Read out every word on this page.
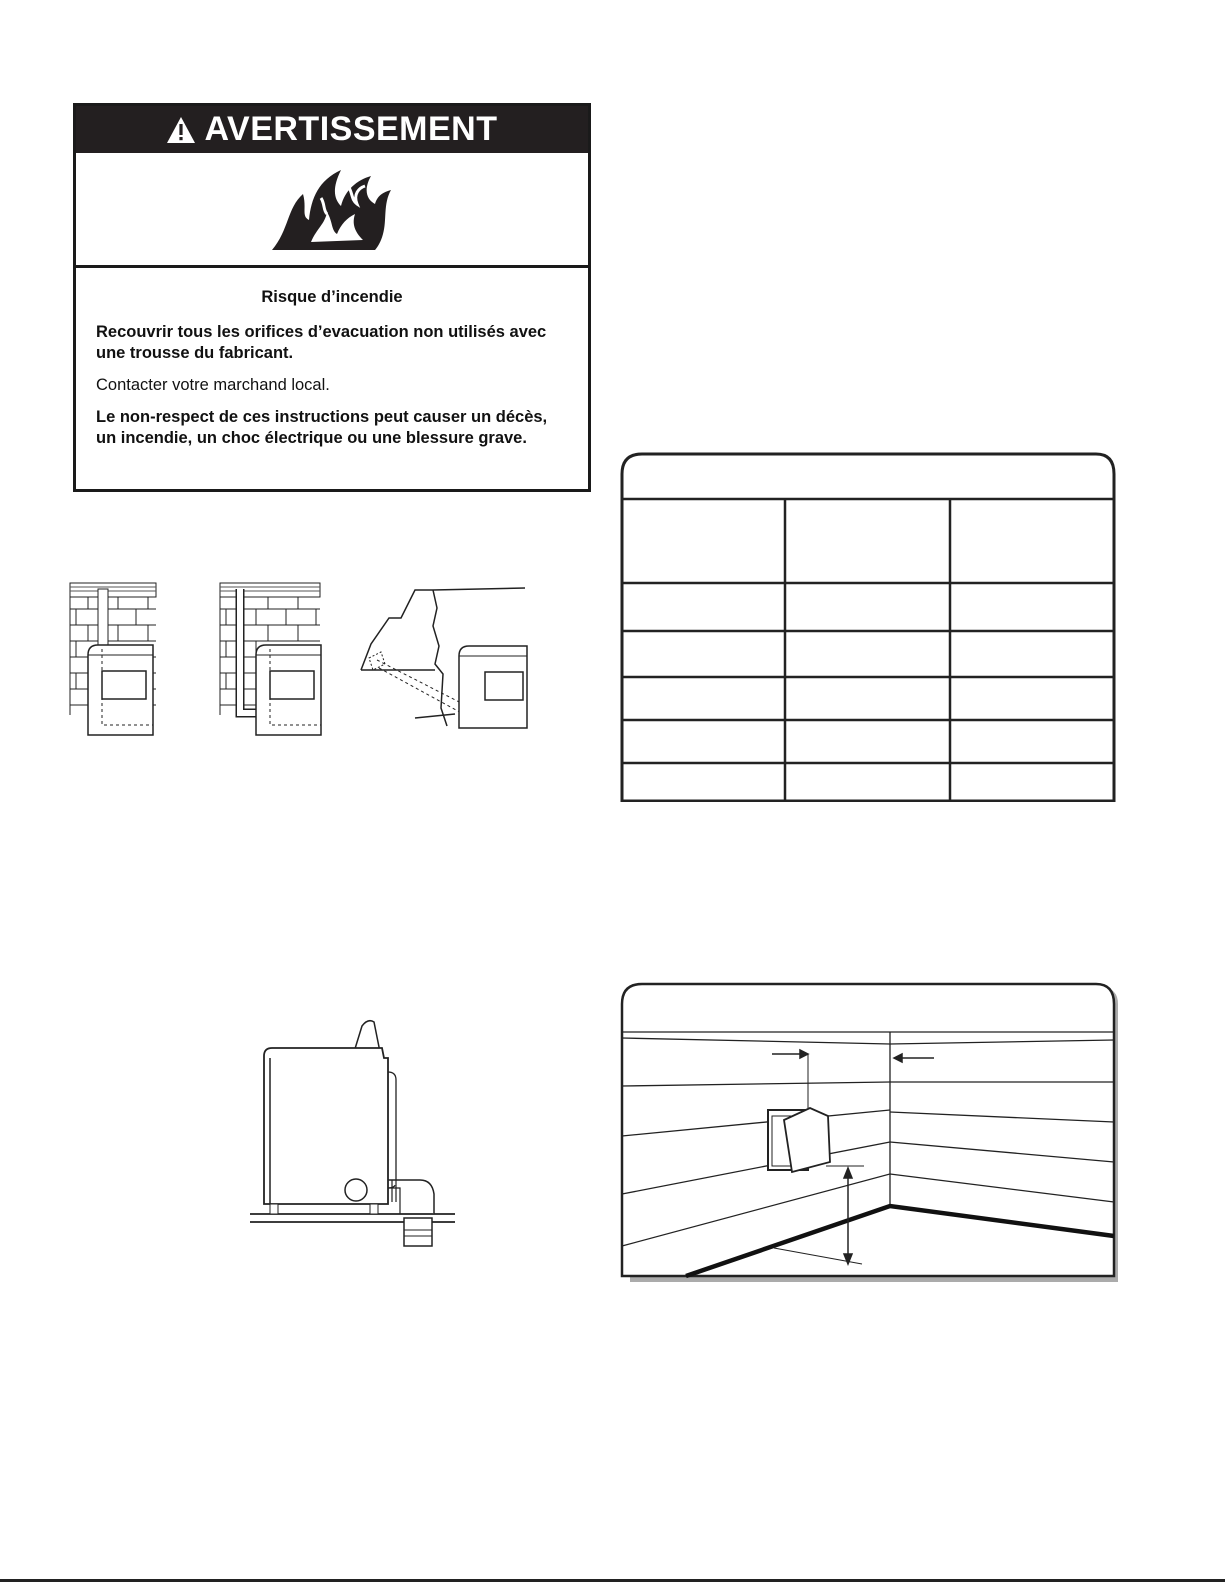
AVERTISSEMENT
Risque d’incendie

Recouvrir tous les orifices d’evacuation non utilisés avec une trousse du fabricant.

Contacter votre marchand local.

Le non-respect de ces instructions peut causer un décès, un incendie, un choc électrique ou une blessure grave.
